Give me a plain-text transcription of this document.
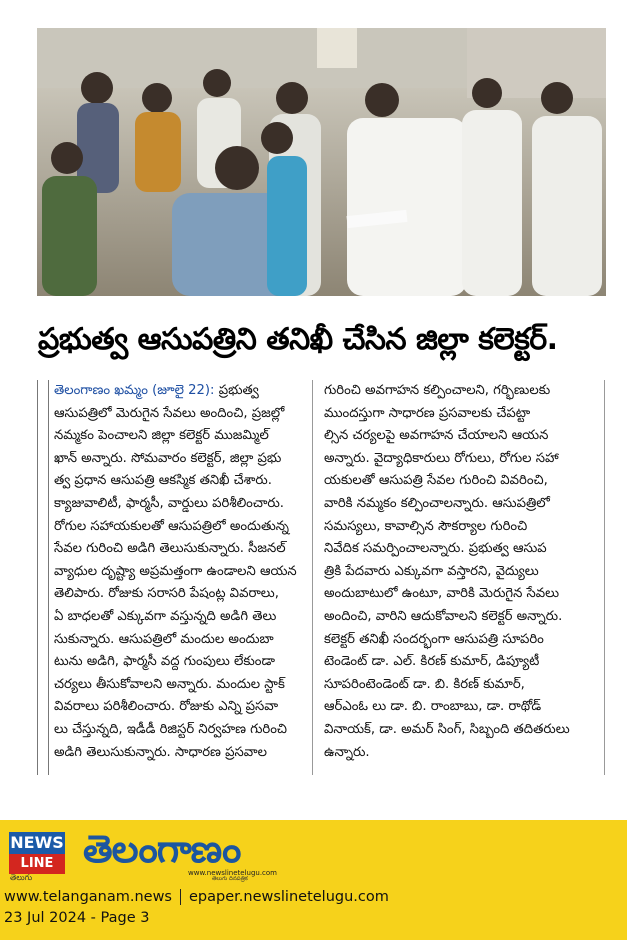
ప్రభుత్వ ఆసుపత్రిని తనిఖీ చేసిన జిల్లా కలెక్టర్.
తెలంగాణం ఖమ్మం (జూలై 22): ప్రభుత్వ
ఆసుపత్రిలో మెరుగైన సేవలు అందించి, ప్రజల్లో
నమ్మకం పెంచాలని జిల్లా కలెక్టర్ ముజమ్మిల్
ఖాన్ అన్నారు. సోమవారం కలెక్టర్, జిల్లా ప్రభు
త్వ ప్రధాన ఆసుపత్రి ఆకస్మిక తనిఖీ చేశారు.
క్యాజువాలిటీ, ఫార్మసీ, వార్డులు పరిశీలించారు.
రోగుల సహాయకులతో ఆసుపత్రిలో అందుతున్న
సేవల గురించి అడిగి తెలుసుకున్నారు. సీజనల్
వ్యాధుల దృష్ట్యా అప్రమత్తంగా ఉండాలని ఆయన
తెలిపారు. రోజుకు సరాసరి పేషంట్ల వివరాలు,
ఏ బాధలతో ఎక్కువగా వస్తున్నది అడిగి తెలు
సుకున్నారు. ఆసుపత్రిలో మందుల అందుబా
టును అడిగి, ఫార్మసీ వద్ద గుంపులు లేకుండా
చర్యలు తీసుకోవాలని అన్నారు. మందుల స్టాక్
వివరాలు పరిశీలించారు. రోజుకు ఎన్ని ప్రసవా
లు చేస్తున్నది, ఇడీడీ రిజిస్టర్ నిర్వహణ గురించి
అడిగి తెలుసుకున్నారు. సాధారణ ప్రసవాల
గురించి అవగాహన కల్పించాలని, గర్భిణులకు
ముందస్తుగా సాధారణ ప్రసవాలకు చేపట్టా
ల్సిన చర్యలపై అవగాహన చేయాలని ఆయన
అన్నారు. వైద్యాధికారులు రోగులు, రోగుల సహా
యకులతో ఆసుపత్రి సేవల గురించి వివరించి,
వారికి నమ్మకం కల్పించాలన్నారు. ఆసుపత్రిలో
సమస్యలు, కావాల్సిన సౌకర్యాల గురించి
నివేదిక సమర్పించాలన్నారు. ప్రభుత్వ ఆసుప
త్రికి పేదవారు ఎక్కువగా వస్తారని, వైద్యులు
అందుబాటులో ఉంటూ, వారికి మెరుగైన సేవలు
అందించి, వారిని ఆదుకోవాలని కలెక్టర్ అన్నారు.
కలెక్టర్ తనిఖీ సందర్భంగా ఆసుపత్రి సూపరిం
టెండెంట్ డా. ఎల్. కిరణ్ కుమార్, డిప్యూటీ
సూపరింటెండెంట్ డా. బి. కిరణ్ కుమార్,
ఆర్ఎంఓ లు డా. బి. రాంబాబు, డా. రాథోడ్
వినాయక్, డా. అమర్ సింగ్, సిబ్బంది తదితరులు
ఉన్నారు.
NEWS
LINE
తెలుగు
తెలంగాణం
www.newslinetelugu.com
తెలుగు దినపత్రిక
www.telanganam.news epaper.newslinetelugu.com
23 Jul 2024 - Page 3
